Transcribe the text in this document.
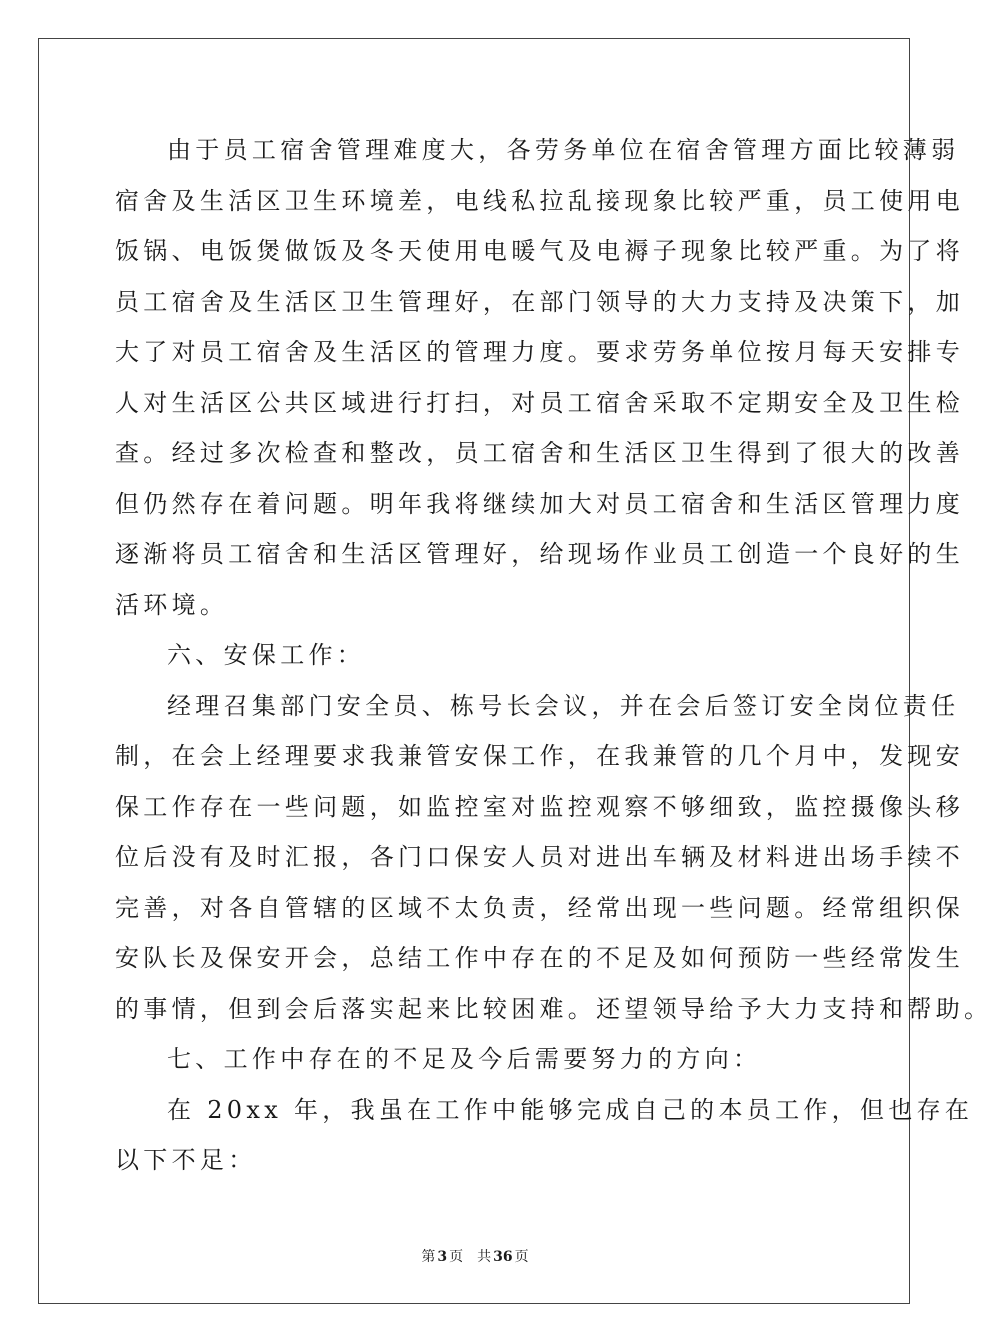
由于员工宿舍管理难度大，各劳务单位在宿舍管理方面比较薄弱
宿舍及生活区卫生环境差，电线私拉乱接现象比较严重，员工使用电
饭锅、电饭煲做饭及冬天使用电暖气及电褥子现象比较严重。为了将
员工宿舍及生活区卫生管理好，在部门领导的大力支持及决策下，加
大了对员工宿舍及生活区的管理力度。要求劳务单位按月每天安排专
人对生活区公共区域进行打扫，对员工宿舍采取不定期安全及卫生检
查。经过多次检查和整改，员工宿舍和生活区卫生得到了很大的改善
但仍然存在着问题。明年我将继续加大对员工宿舍和生活区管理力度
逐渐将员工宿舍和生活区管理好，给现场作业员工创造一个良好的生
活环境。
六、安保工作：
经理召集部门安全员、栋号长会议，并在会后签订安全岗位责任
制，在会上经理要求我兼管安保工作，在我兼管的几个月中，发现安
保工作存在一些问题，如监控室对监控观察不够细致，监控摄像头移
位后没有及时汇报，各门口保安人员对进出车辆及材料进出场手续不
完善，对各自管辖的区域不太负责，经常出现一些问题。经常组织保
安队长及保安开会，总结工作中存在的不足及如何预防一些经常发生
的事情，但到会后落实起来比较困难。还望领导给予大力支持和帮助。
七、工作中存在的不足及今后需要努力的方向：
在 20xx 年，我虽在工作中能够完成自己的本员工作，但也存在
以下不足：
第 3 页 共 36 页
